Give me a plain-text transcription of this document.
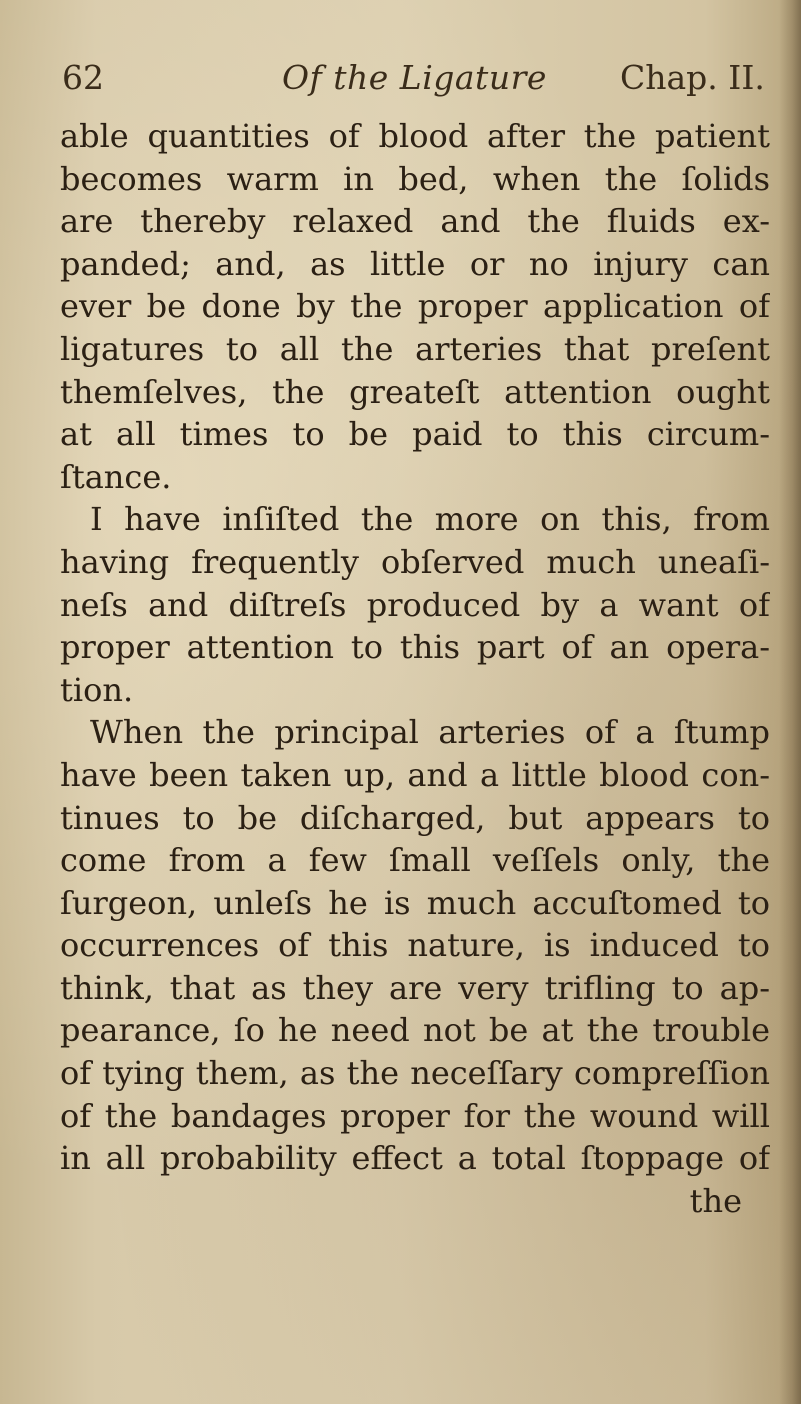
62	Of the Ligature Chap. II.
able quantities of blood after the patient
becomes warm in bed, when the ſolids
are thereby relaxed and the fluids ex-
panded; and, as little or no injury can
ever be done by the proper application of
ligatures to all the arteries that preſent
themſelves, the greateſt attention ought
at all times to be paid to this circum-
ſtance.
I have inſiſted the more on this, from
having frequently obſerved much uneaſi-
neſs and diſtreſs produced by a want of
proper attention to this part of an opera-
tion.
When the principal arteries of a ſtump
have been taken up, and a little blood con-
tinues to be diſcharged, but appears to
come from a few ſmall veſſels only, the
ſurgeon, unleſs he is much accuſtomed to
occurrences of this nature, is induced to
think, that as they are very trifling to ap-
pearance, ſo he need not be at the trouble
of tying them, as the neceſſary compreſſion
of the bandages proper for the wound will
in all probability effect a total ſtoppage of
the
